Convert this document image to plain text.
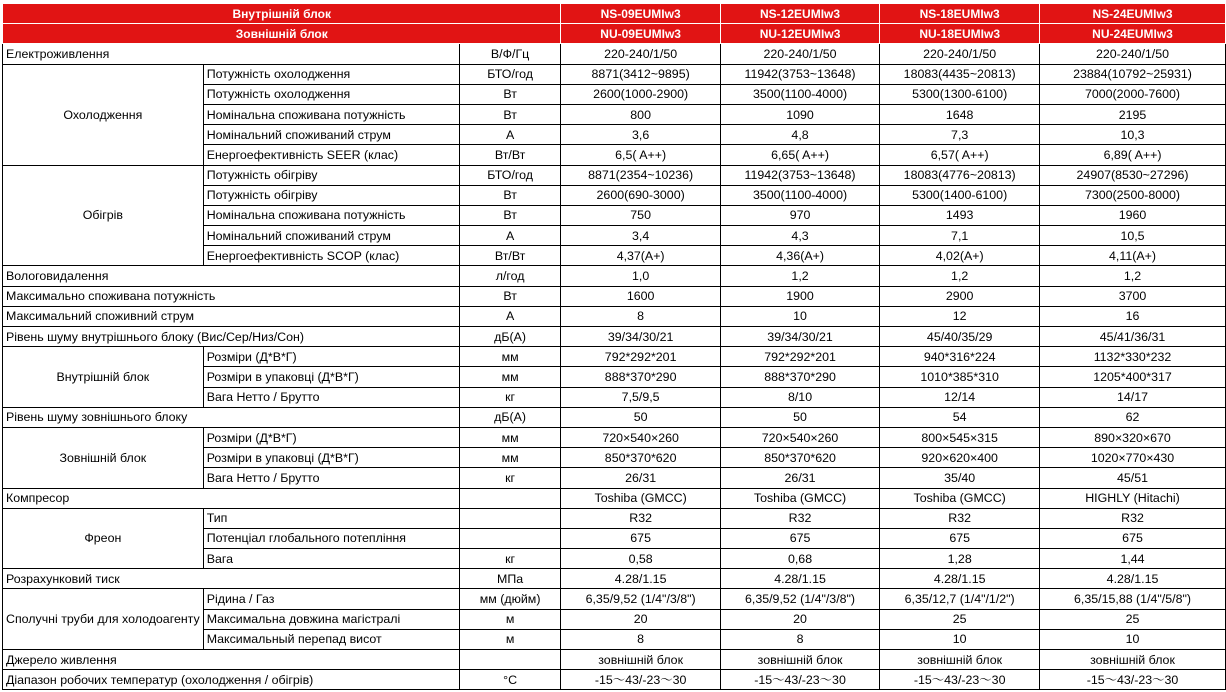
Внутрішній блок			NS-09EUMIw3	NS-12EUMIw3	NS-18EUMIw3	NS-24EUMIw3
Зовнішній блок			NU-09EUMIw3	NU-12EUMIw3	NU-18EUMIw3	NU-24EUMIw3
Електроживлення		В/Ф/Гц	220-240/1/50	220-240/1/50	220-240/1/50	220-240/1/50
Охолодження	Потужність охолодження	БТО/год	8871(3412~9895)	11942(3753~13648)	18083(4435~20813)	23884(10792~25931)
	Потужність охолодження	Вт	2600(1000-2900)	3500(1100-4000)	5300(1300-6100)	7000(2000-7600)
	Номінальна споживана потужність	Вт	800	1090	1648	2195
	Номінальний споживаний струм	А	3,6	4,8	7,3	10,3
	Енергоефективність SEER (клас)	Вт/Вт	6,5( A++)	6,65( A++)	6,57( A++)	6,89( A++)
Обігрів	Потужність обігріву	БТО/год	8871(2354~10236)	11942(3753~13648)	18083(4776~20813)	24907(8530~27296)
	Потужність обігріву	Вт	2600(690-3000)	3500(1100-4000)	5300(1400-6100)	7300(2500-8000)
	Номінальна споживана потужність	Вт	750	970	1493	1960
	Номінальний споживаний струм	А	3,4	4,3	7,1	10,5
	Енергоефективність SCOP (клас)	Вт/Вт	4,37(A+)	4,36(A+)	4,02(A+)	4,11(A+)
Вологовидалення		л/год	1,0	1,2	1,2	1,2
Максимально споживана потужність		Вт	1600	1900	2900	3700
Максимальний споживний струм		А	8	10	12	16
Рівень шуму внутрішнього блоку (Вис/Сер/Низ/Сон)		дБ(А)	39/34/30/21	39/34/30/21	45/40/35/29	45/41/36/31
Внутрішній блок	Розміри (Д*В*Г)	мм	792*292*201	792*292*201	940*316*224	1132*330*232
	Розміри в упаковці (Д*В*Г)	мм	888*370*290	888*370*290	1010*385*310	1205*400*317
	Вага Нетто / Брутто	кг	7,5/9,5	8/10	12/14	14/17
Рівень шуму зовнішнього блоку		дБ(А)	50	50	54	62
Зовнішній блок	Розміри (Д*В*Г)	мм	720×540×260	720×540×260	800×545×315	890×320×670
	Розміри в упаковці (Д*В*Г)	мм	850*370*620	850*370*620	920×620×400	1020×770×430
	Вага Нетто / Брутто	кг	26/31	26/31	35/40	45/51
Компресор			Toshiba (GMCC)	Toshiba (GMCC)	Toshiba (GMCC)	HIGHLY (Hitachi)
Фреон	Тип		R32	R32	R32	R32
	Потенціал глобального потепління		675	675	675	675
	Вага	кг	0,58	0,68	1,28	1,44
Розрахунковий тиск		МПа	4.28/1.15	4.28/1.15	4.28/1.15	4.28/1.15
Сполучні труби для холодоагенту	Рідина / Газ	мм (дюйм)	6,35/9,52 (1/4"/3/8")	6,35/9,52 (1/4"/3/8")	6,35/12,7 (1/4"/1/2")	6,35/15,88 (1/4"/5/8")
	Максимальна довжина магістралі	м	20	20	25	25
	Максимальный перепад висот	м	8	8	10	10
Джерело живлення			зовнішній блок	зовнішній блок	зовнішній блок	зовнішній блок
Діапазон робочих температур (охолодження / обігрів)		°C	-15～43/-23～30	-15～43/-23～30	-15～43/-23～30	-15～43/-23～30
